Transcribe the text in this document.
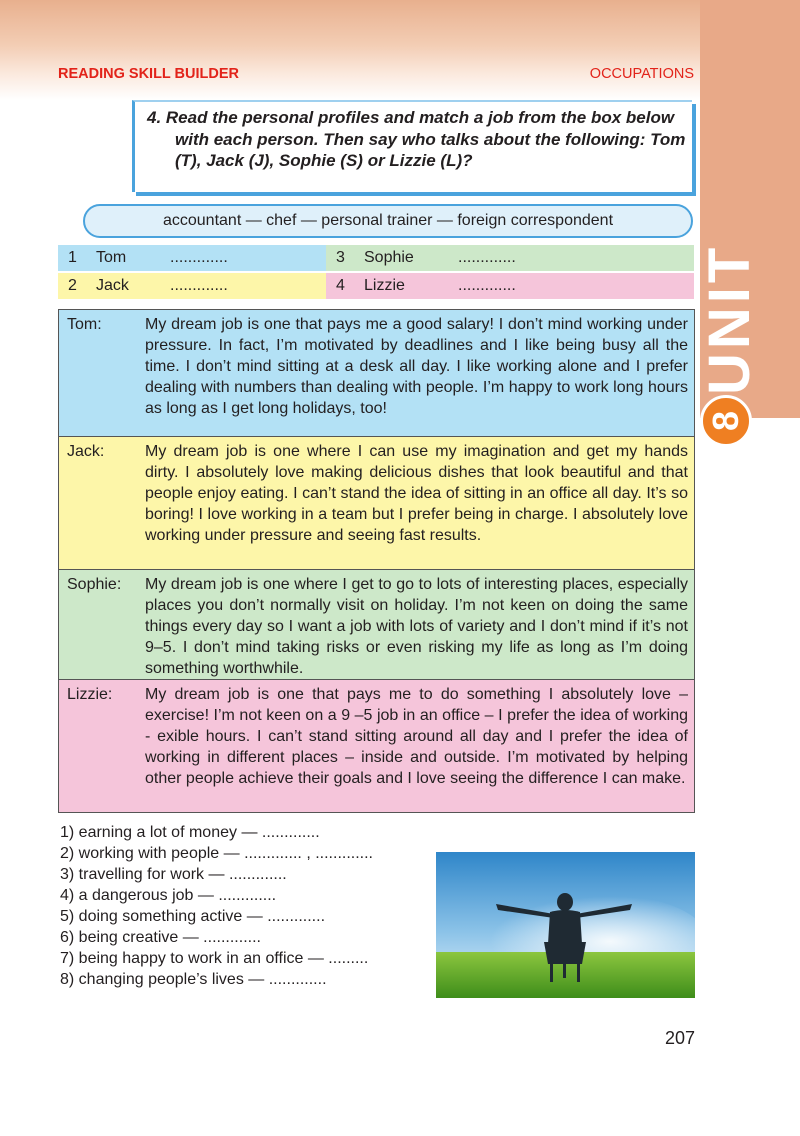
UNIT
8
READING SKILL BUILDER	OCCUPATIONS
4. Read the personal profiles and match a job from the box below with each person. Then say who talks about the following: Tom (T), Jack (J), Sophie (S) or Lizzie (L)?
accountant — chef — personal trainer — foreign correspondent
1 Tom	.............
2 Jack	.............
3 Sophie	.............
4 Lizzie	.............
Tom:	My dream job is one that pays me a good salary! I don’t mind working under pressure. In fact, I’m motivated by deadlines and I like being busy all the time. I don’t mind sitting at a desk all day. I like working alone and I prefer dealing with numbers than dealing with people. I’m happy to work long hours as long as I get long holidays, too!
Jack:	My dream job is one where I can use my imagination and get my hands dirty. I absolutely love making delicious dishes that look beautiful and that people enjoy eating. I can’t stand the idea of sitting in an office all day. It’s so boring! I love working in a team but I prefer being in charge. I absolutely love working under pressure and seeing fast results.
Sophie: My dream job is one where I get to go to lots of interesting places, especially places you don’t normally visit on holiday. I’m not keen on doing the same things every day so I want a job with lots of variety and I don’t mind if it’s not 9–5. I don’t mind taking risks or even risking my life as long as I’m doing something worthwhile.
Lizzie: My dream job is one that pays me to do something I absolutely love – exercise! I’m not keen on a 9 –5 job in an office – I prefer the idea of working - exible hours. I can’t stand sitting around all day and I prefer the idea of working in different places – inside and outside. I’m motivated by helping other people achieve their goals and I love seeing the difference I can make.
1) earning a lot of money — .............
2) working with people — ............. , .............
3) travelling for work — .............
4) a dangerous job — .............
5) doing something active — .............
6) being creative — .............
7) being happy to work in an office — .........
8) changing people’s lives — .............
207
